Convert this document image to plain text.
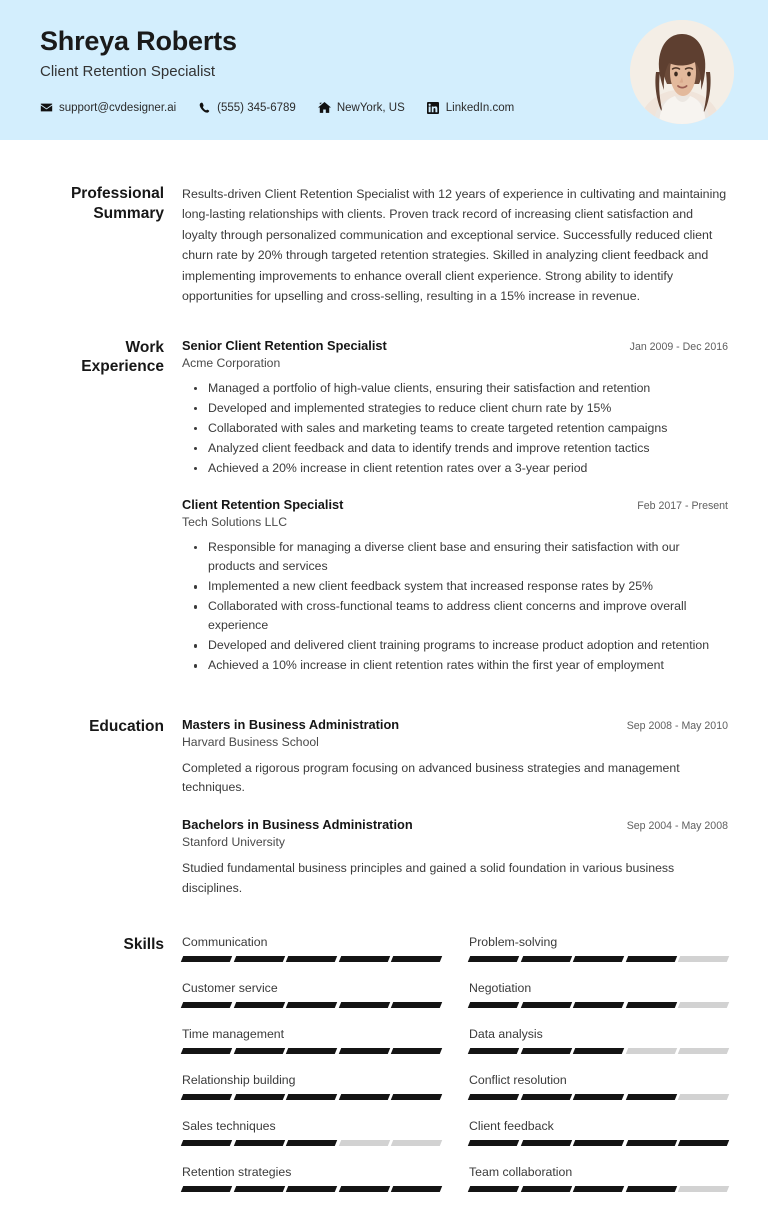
Shreya Roberts
Client Retention Specialist
support@cvdesigner.ai	(555) 345-6789	NewYork, US	LinkedIn.com
Professional Summary
Results-driven Client Retention Specialist with 12 years of experience in cultivating and maintaining long-lasting relationships with clients. Proven track record of increasing client satisfaction and loyalty through personalized communication and exceptional service. Successfully reduced client churn rate by 20% through targeted retention strategies. Skilled in analyzing client feedback and implementing improvements to enhance overall client experience. Strong ability to identify opportunities for upselling and cross-selling, resulting in a 15% increase in revenue.
Work Experience
Senior Client Retention Specialist	Jan 2009 - Dec 2016
Acme Corporation
Managed a portfolio of high-value clients, ensuring their satisfaction and retention
Developed and implemented strategies to reduce client churn rate by 15%
Collaborated with sales and marketing teams to create targeted retention campaigns
Analyzed client feedback and data to identify trends and improve retention tactics
Achieved a 20% increase in client retention rates over a 3-year period
Client Retention Specialist	Feb 2017 - Present
Tech Solutions LLC
Responsible for managing a diverse client base and ensuring their satisfaction with our products and services
Implemented a new client feedback system that increased response rates by 25%
Collaborated with cross-functional teams to address client concerns and improve overall experience
Developed and delivered client training programs to increase product adoption and retention
Achieved a 10% increase in client retention rates within the first year of employment
Education	Masters in Business Administration	Sep 2008 - May 2010
Harvard Business School
Completed a rigorous program focusing on advanced business strategies and management techniques.
Bachelors in Business Administration	Sep 2004 - May 2008
Stanford University
Studied fundamental business principles and gained a solid foundation in various business disciplines.
Skills	Communication	Problem-solving
Customer service	Negotiation
Time management	Data analysis
Relationship building	Conflict resolution
Sales techniques	Client feedback
Retention strategies	Team collaboration
